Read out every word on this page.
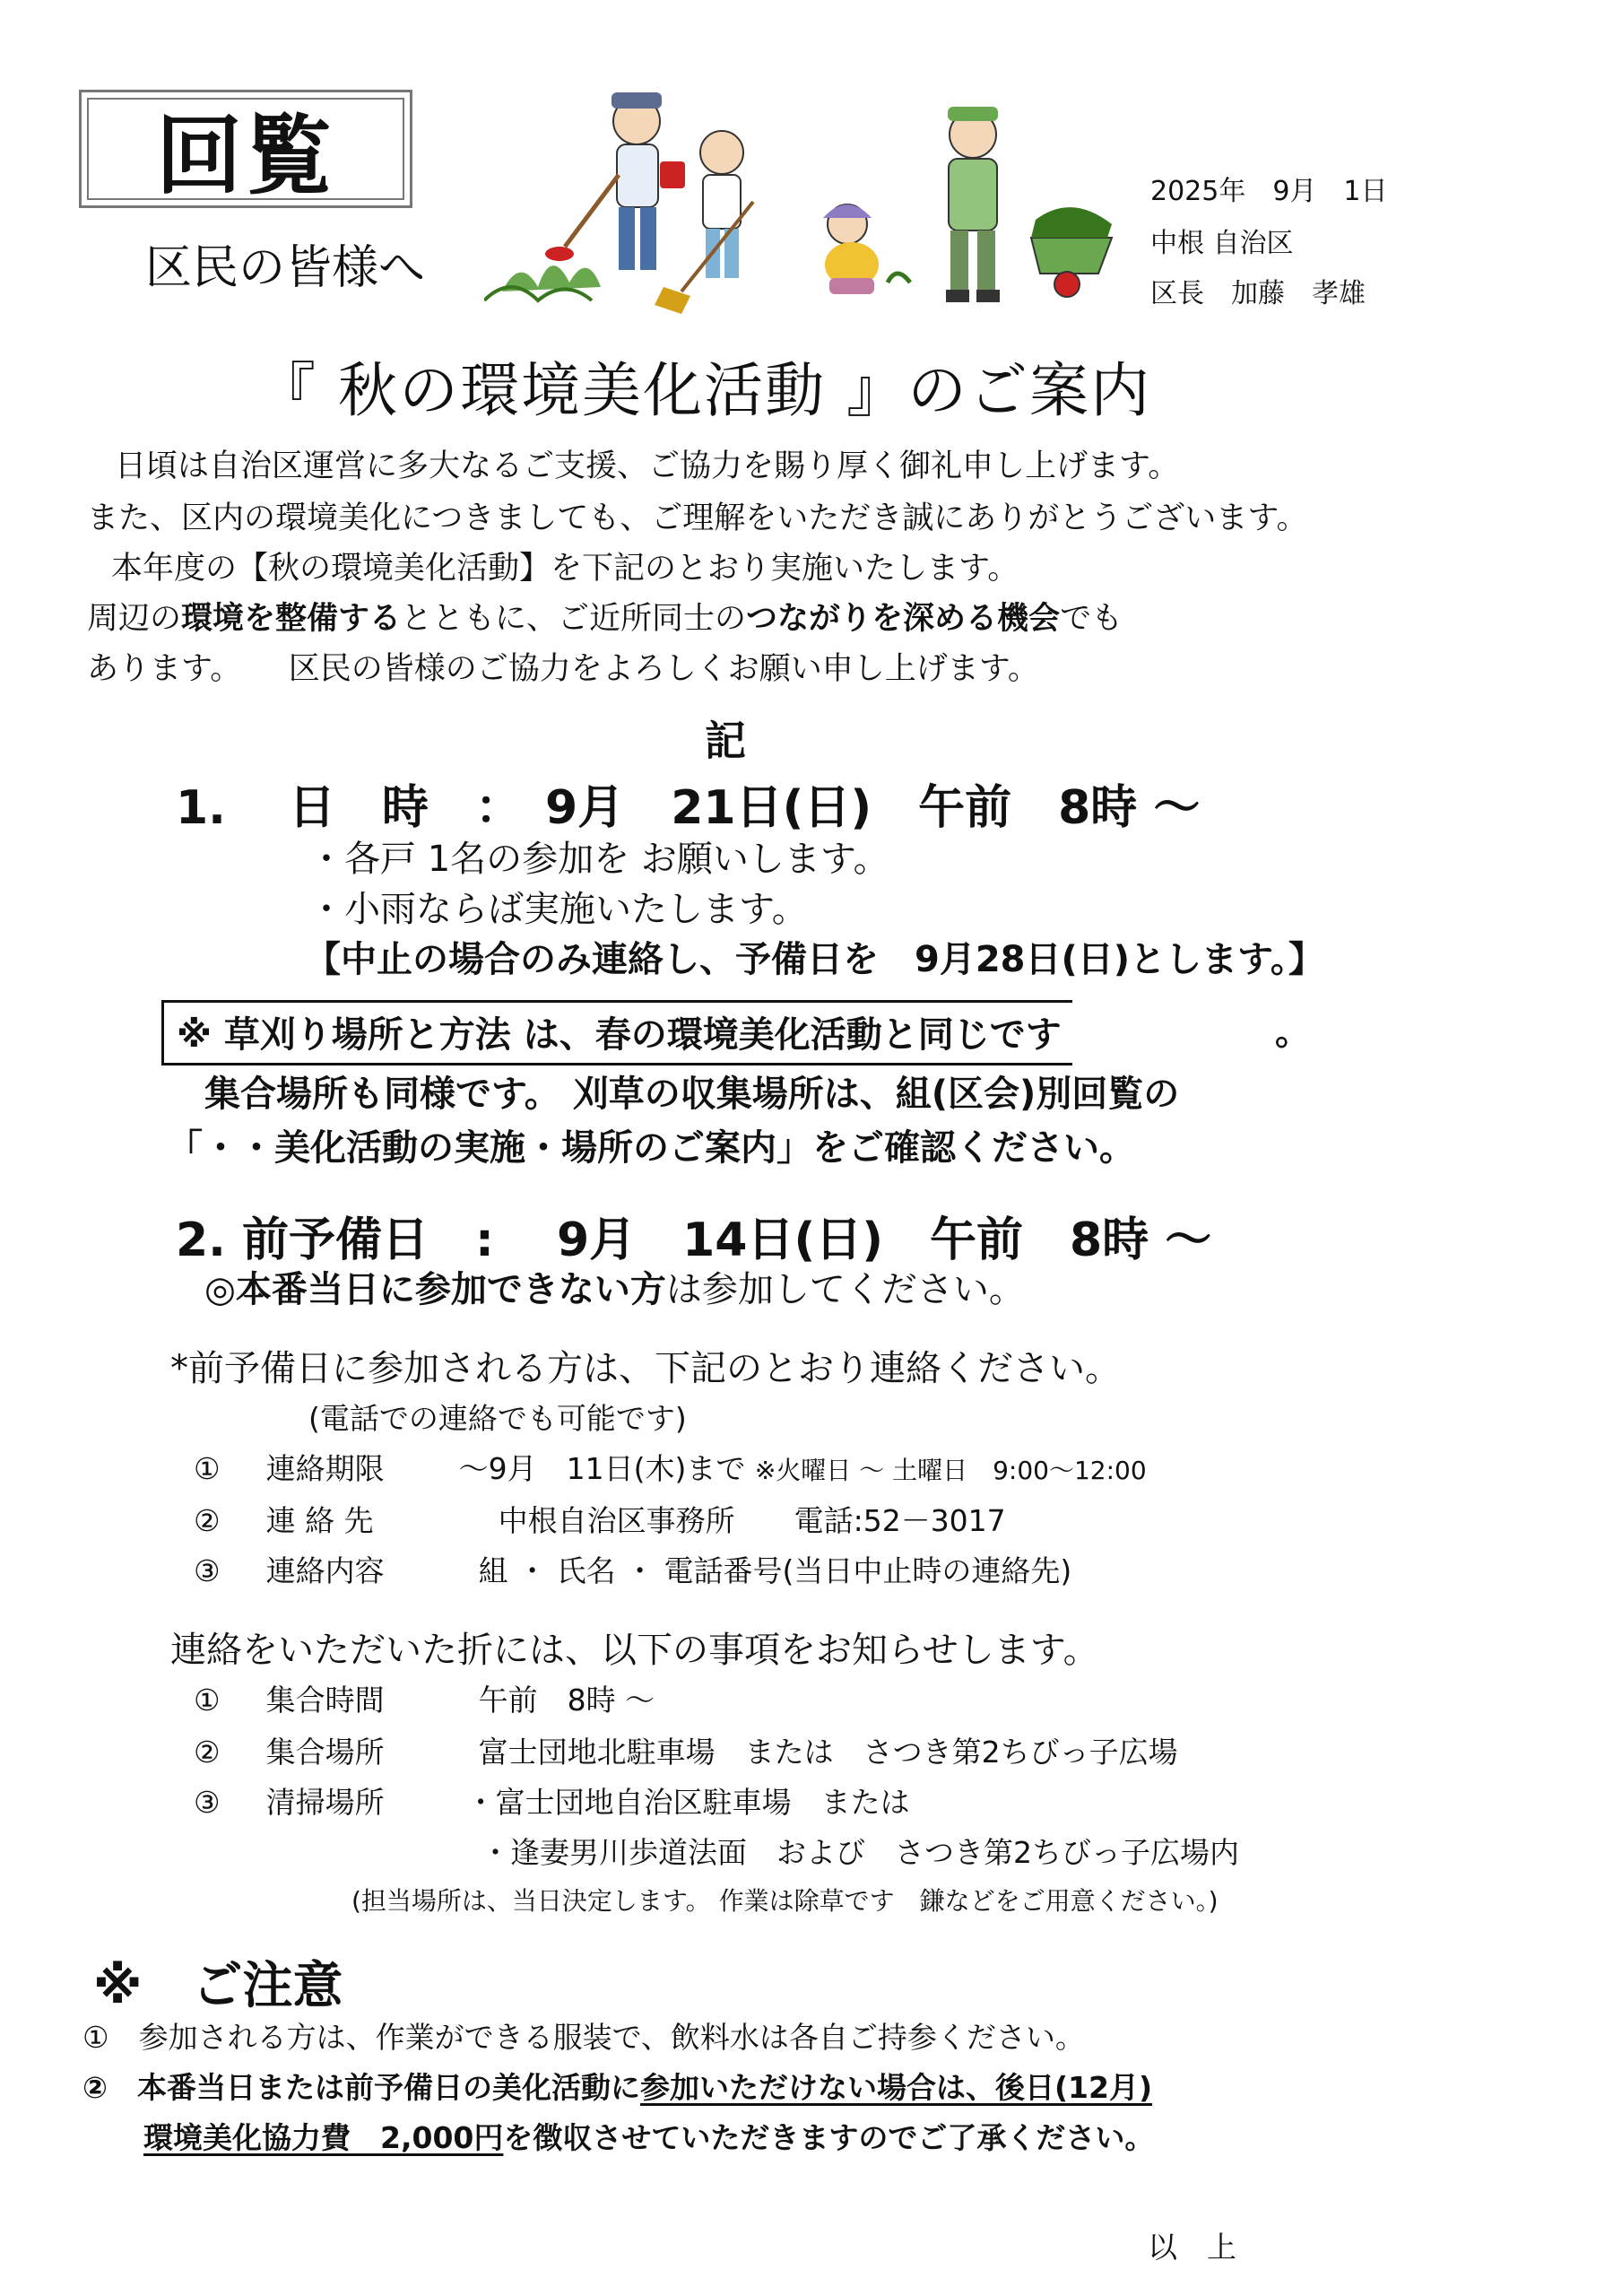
回覧
区民の皆様へ
2025年　9月　1日
中根 自治区
区長　加藤　孝雄
『 秋の環境美化活動 』のご案内
日頃は自治区運営に多大なるご支援、ご協力を賜り厚く御礼申し上げます。
また、区内の環境美化につきましても、ご理解をいただき誠にありがとうございます。
本年度の【秋の環境美化活動】を下記のとおり実施いたします。
周辺の環境を整備するとともに、ご近所同士のつながりを深める機会でも
あります。　　区民の皆様のご協力をよろしくお願い申し上げます。
記
1.　 日　時　：　9月　21日(日)　午前　8時 ～
・各戸 1名の参加を お願いします。
・小雨ならば実施いたします。
【中止の場合のみ連絡し、予備日を　9月28日(日)とします。】
※ 草刈り場所と方法 は、春の環境美化活動と同じです	。
集合場所も同様です。 刈草の収集場所は、組(区会)別回覧の
「・・美化活動の実施・場所のご案内」をご確認ください。
2. 前予備日　:　 9月　14日(日)　午前　8時 ～
◎本番当日に参加できない方は参加してください。
*前予備日に参加される方は、下記のとおり連絡ください。
(電話での連絡でも可能です)
① 連絡期限	～9月　11日(木)まで ※火曜日 ～ 土曜日　9:00～12:00
② 連 絡 先	中根自治区事務所　　電話:52－3017
③ 連絡内容	組 ・ 氏名 ・ 電話番号(当日中止時の連絡先)
連絡をいただいた折には、以下の事項をお知らせします。
① 集合時間	午前　8時 ～
② 集合場所	富士団地北駐車場　または　さつき第2ちびっ子広場
③ 清掃場所	・富士団地自治区駐車場　または
・逢妻男川歩道法面　および　さつき第2ちびっ子広場内
(担当場所は、当日決定します。 作業は除草です　鎌などをご用意ください。)
※　ご注意
①　参加される方は、作業ができる服装で、飲料水は各自ご持参ください。
②　本番当日または前予備日の美化活動に参加いただけない場合は、後日(12月)
環境美化協力費　2,000円を徴収させていただきますのでご了承ください。
以　上
